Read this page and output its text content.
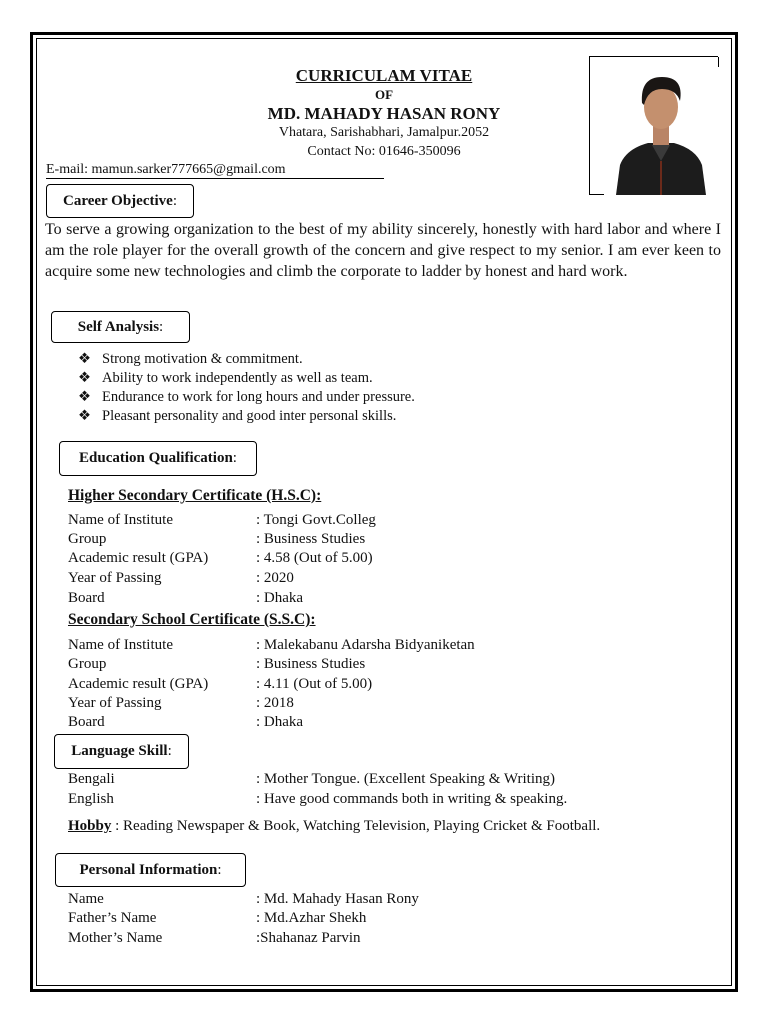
CURRICULAM VITAE
OF
MD. MAHADY HASAN RONY
Vhatara, Sarishabhari, Jamalpur.2052
Contact No: 01646-350096
E-mail: mamun.sarker777665@gmail.com
Career Objective :
To serve a growing organization to the best of my ability sincerely, honestly with hard labor and where I am the role player for the overall growth of the concern and give respect to my senior. I am ever keen to acquire some new technologies and climb the corporate to ladder by honest and hard work.
Self Analysis :
❖ Strong motivation & commitment.
❖ Ability to work independently as well as team.
❖ Endurance to work for long hours and under pressure.
❖ Pleasant personality and good inter personal skills.
Education Qualification :
Higher Secondary Certificate (H.S.C):
Name of Institute	: Tongi Govt.Colleg
Group	: Business Studies
Academic result (GPA)	: 4.58 (Out of 5.00)
Year of Passing	: 2020
Board	: Dhaka
Secondary School Certificate (S.S.C):
Name of Institute	: Malekabanu Adarsha Bidyaniketan
Group	: Business Studies
Academic result (GPA)	: 4.11 (Out of 5.00)
Year of Passing	: 2018
Board	: Dhaka
Language Skill :
Bengali	: Mother Tongue. (Excellent Speaking & Writing)
English	: Have good commands both in writing & speaking.
Hobby : Reading Newspaper & Book, Watching Television, Playing Cricket & Football.
Personal Information :
Name	: Md. Mahady Hasan Rony
Father’s Name	: Md.Azhar Shekh
Mother’s Name	:Shahanaz Parvin
